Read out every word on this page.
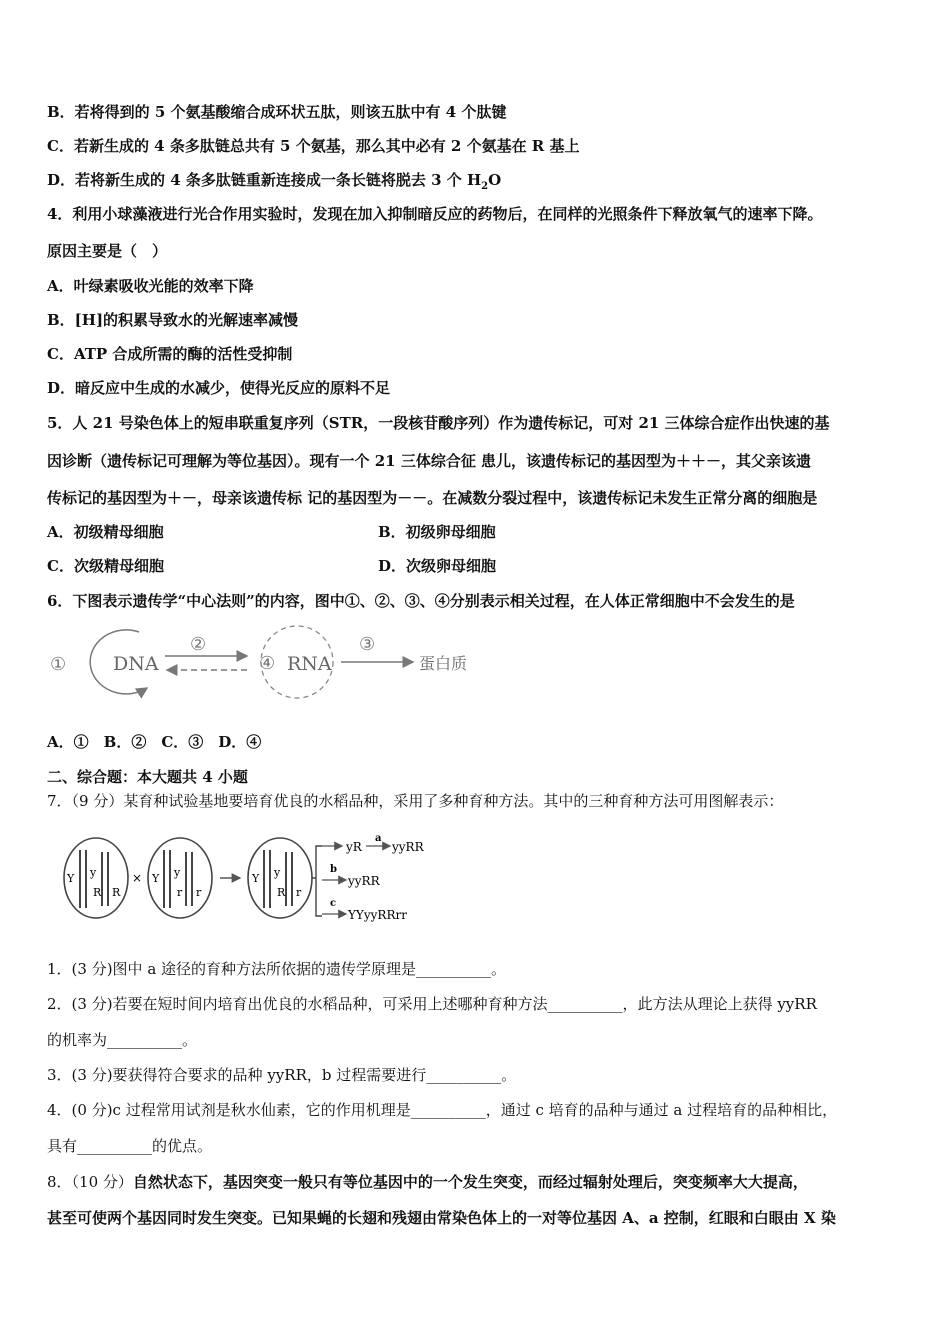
B．若将得到的 5 个氨基酸缩合成环状五肽，则该五肽中有 4 个肽键
C．若新生成的 4 条多肽链总共有 5 个氨基，那么其中必有 2 个氨基在 R 基上
D．若将新生成的 4 条多肽链重新连接成一条长链将脱去 3 个 $H_2O$
4．利用小球藻液进行光合作用实验时，发现在加入抑制暗反应的药物后，在同样的光照条件下释放氧气的速率下降。
原因主要是（　）
A．叶绿素吸收光能的效率下降
B．[H]的积累导致水的光解速率减慢
C．ATP 合成所需的酶的活性受抑制
D．暗反应中生成的水减少，使得光反应的原料不足
5．人 21 号染色体上的短串联重复序列（STR，一段核苷酸序列）作为遗传标记，可对 21 三体综合症作出快速的基
因诊断（遗传标记可理解为等位基因）。现有一个 21 三体综合征 患儿，该遗传标记的基因型为＋＋－，其父亲该遗
传标记的基因型为＋－，母亲该遗传标 记的基因型为－－。在减数分裂过程中，该遗传标记未发生正常分离的细胞是
A．初级精母细胞	B．初级卵母细胞
C．次级精母细胞	D．次级卵母细胞
6．下图表示遗传学“中心法则”的内容，图中①、②、③、④分别表示相关过程，在人体正常细胞中不会发生的是
① DNA
②
④ RNA
③
蛋白质
A．①　B．②　C．③　D．④
二、综合题：本大题共 4 小题
7．（9 分）某育种试验基地要培育优良的水稻品种，采用了多种育种方法。其中的三种育种方法可用图解表示：
Y y
R R
× Y y
r r
Y y
R r
yR
a
yyRR
b
yyRR
c
YYyyRRrr
1．(3 分)图中 a 途径的育种方法所依据的遗传学原理是__________。
2．(3 分)若要在短时间内培育出优良的水稻品种，可采用上述哪种育种方法__________，此方法从理论上获得 yyRR
的机率为__________。
3．(3 分)要获得符合要求的品种 yyRR，b 过程需要进行__________。
4．(0 分)c 过程常用试剂是秋水仙素，它的作用机理是__________，通过 c 培育的品种与通过 a 过程培育的品种相比，
具有__________的优点。
8．（10 分）自然状态下，基因突变一般只有等位基因中的一个发生突变，而经过辐射处理后，突变频率大大提高，
甚至可使两个基因同时发生突变。已知果蝇的长翅和残翅由常染色体上的一对等位基因 A、a 控制，红眼和白眼由 X 染
